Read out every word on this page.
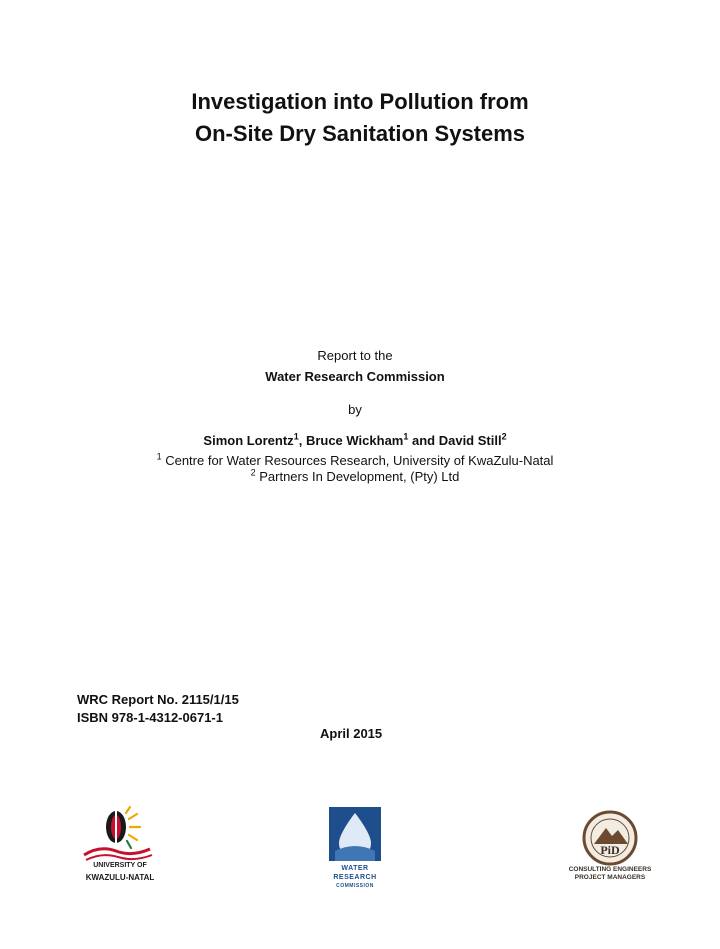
Investigation into Pollution from
On-Site Dry Sanitation Systems
Report to the
Water Research Commission
by
Simon Lorentz$^1$, Bruce Wickham$^1$ and David Still$^2$
$^1$ Centre for Water Resources Research, University of KwaZulu-Natal
$^2$ Partners In Development, (Pty) Ltd
WRC Report No. 2115/1/15
ISBN 978-1-4312-0671-1
April 2015
UNIVERSITY OF
KWAZULU-NATAL
WATER
RESEARCH
COMMISSION
PiD
CONSULTING ENGINEERS
PROJECT MANAGERS
